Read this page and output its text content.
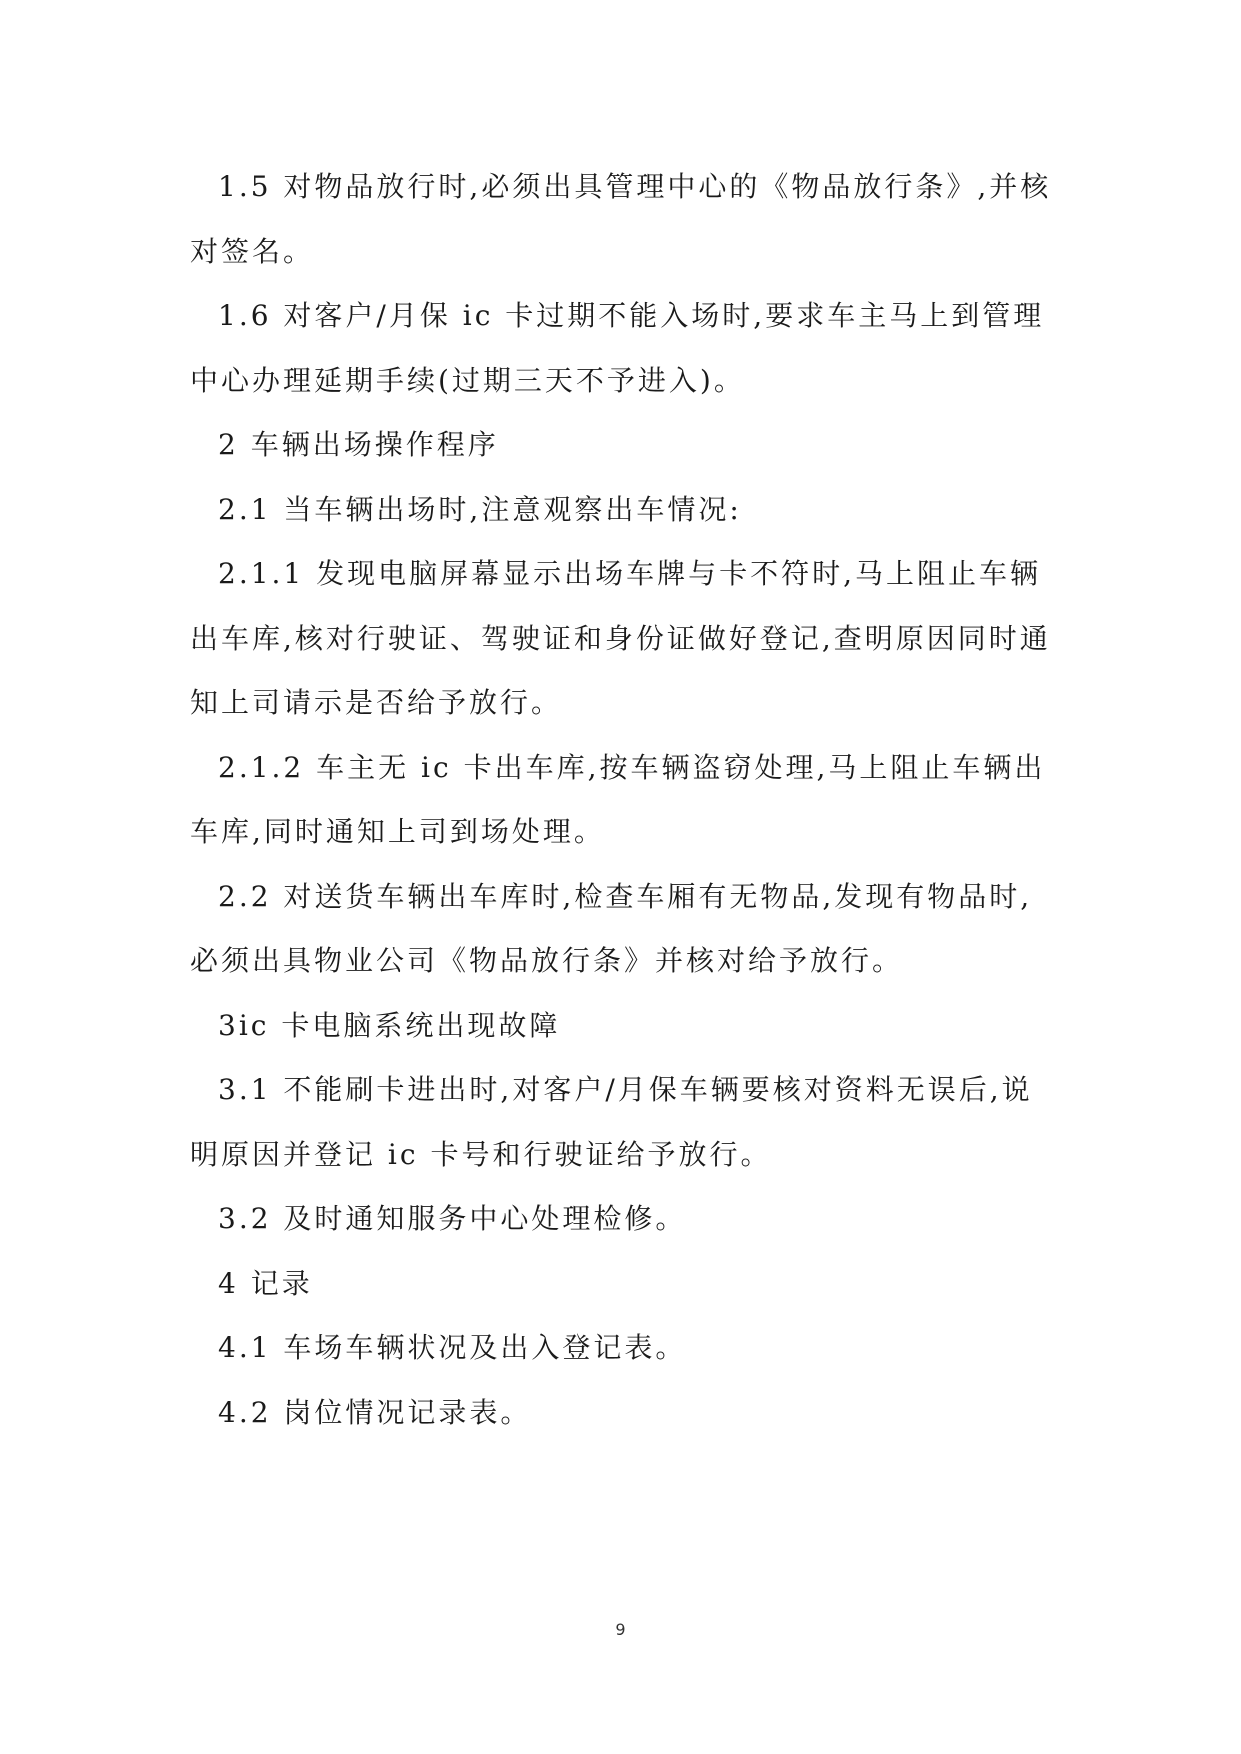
1.5 对物品放行时,必须出具管理中心的《物品放行条》,并核对签名。

1.6 对客户/月保 ic 卡过期不能入场时,要求车主马上到管理中心办理延期手续(过期三天不予进入)。

2 车辆出场操作程序

2.1 当车辆出场时,注意观察出车情况:

2.1.1 发现电脑屏幕显示出场车牌与卡不符时,马上阻止车辆出车库,核对行驶证、驾驶证和身份证做好登记,查明原因同时通知上司请示是否给予放行。

2.1.2 车主无 ic 卡出车库,按车辆盗窃处理,马上阻止车辆出车库,同时通知上司到场处理。

2.2 对送货车辆出车库时,检查车厢有无物品,发现有物品时,必须出具物业公司《物品放行条》并核对给予放行。

3ic 卡电脑系统出现故障

3.1 不能刷卡进出时,对客户/月保车辆要核对资料无误后,说明原因并登记 ic 卡号和行驶证给予放行。

3.2 及时通知服务中心处理检修。

4 记录

4.1 车场车辆状况及出入登记表。

4.2 岗位情况记录表。

9
